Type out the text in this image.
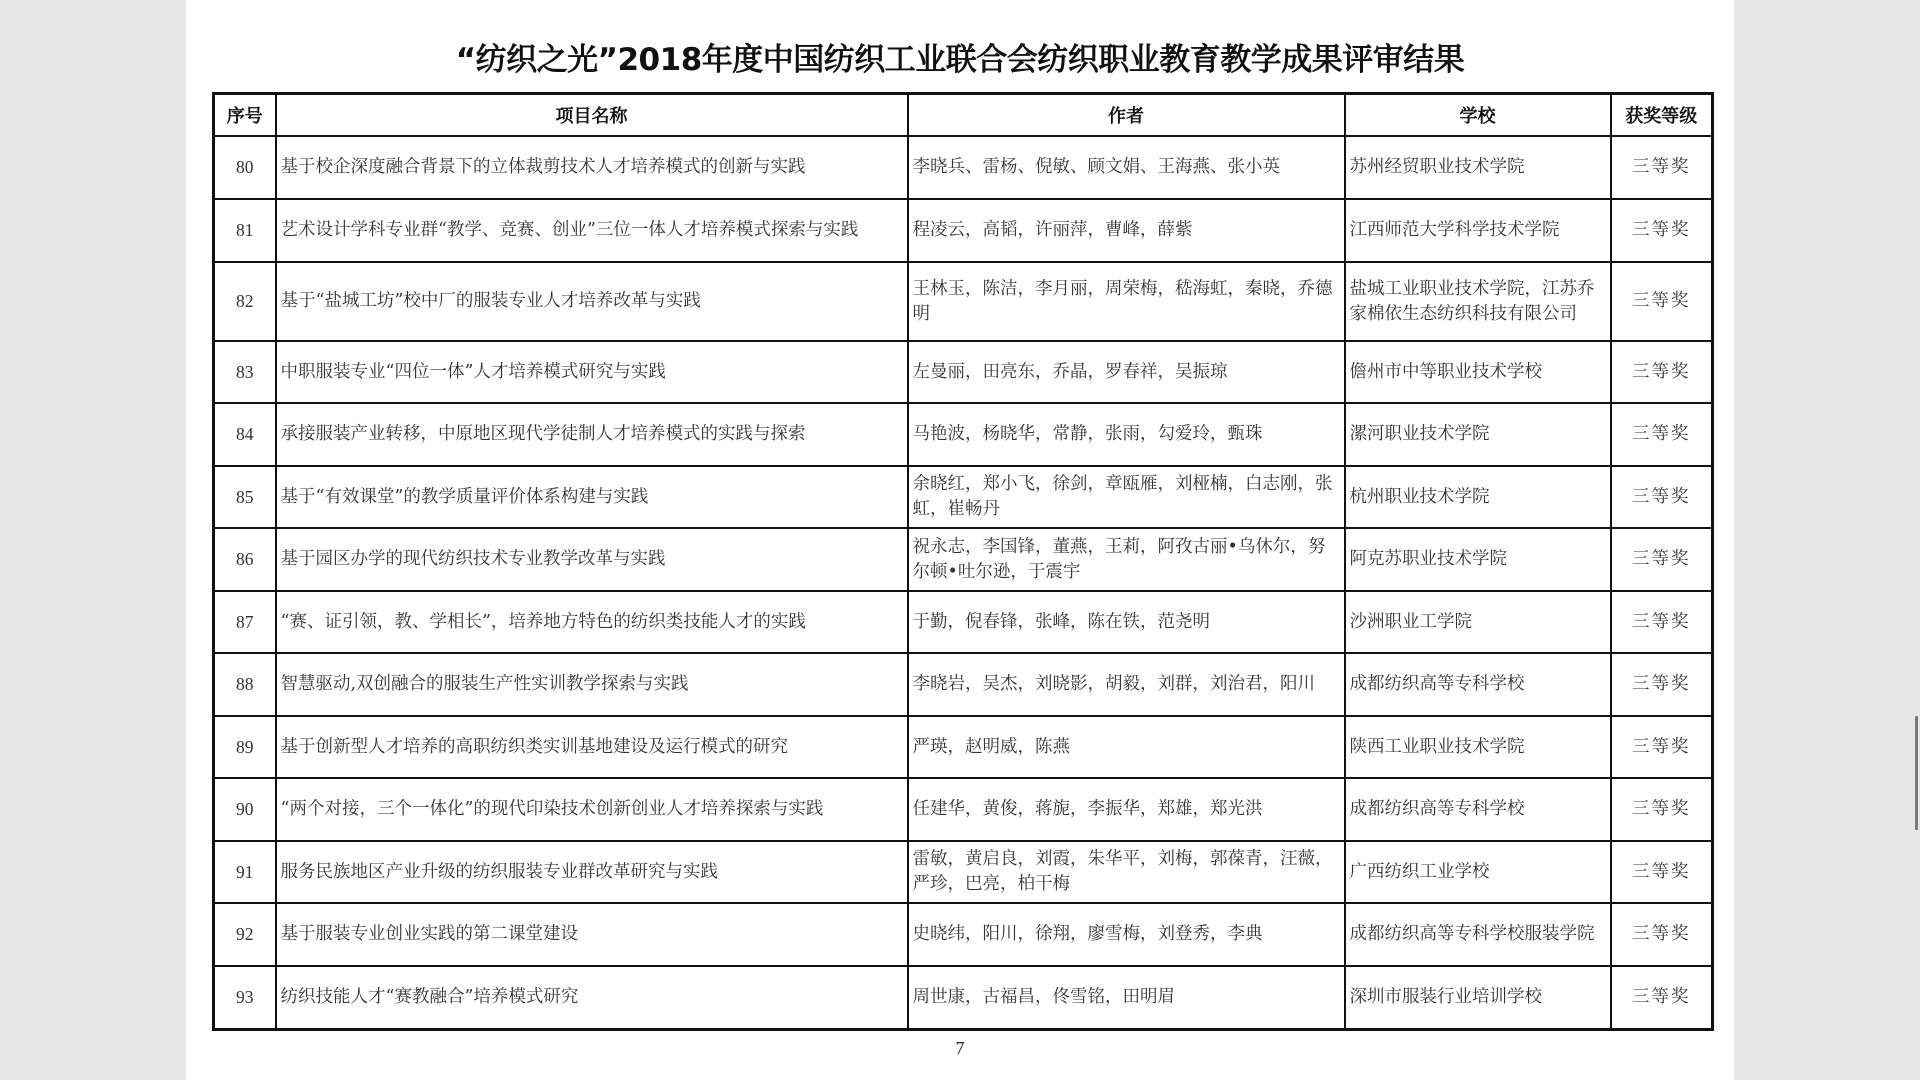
“纺织之光”2018年度中国纺织工业联合会纺织职业教育教学成果评审结果
序号	项目名称	作者	学校	获奖等级
80	基于校企深度融合背景下的立体裁剪技术人才培养模式的创新与实践	李晓兵、雷杨、倪敏、顾文娟、王海燕、张小英	苏州经贸职业技术学院	三等奖
81	艺术设计学科专业群“教学、竞赛、创业”三位一体人才培养模式探索与实践	程凌云，高韬，许丽萍，曹峰，薛紫	江西师范大学科学技术学院	三等奖
82	基于“盐城工坊”校中厂的服装专业人才培养改革与实践	王林玉，陈洁，李月丽，周荣梅，嵇海虹，秦晓，乔德明	盐城工业职业技术学院，江苏乔家棉依生态纺织科技有限公司	三等奖
83	中职服装专业“四位一体”人才培养模式研究与实践	左曼丽，田亮东，乔晶，罗春祥，吴振琼	儋州市中等职业技术学校	三等奖
84	承接服装产业转移，中原地区现代学徒制人才培养模式的实践与探索	马艳波，杨晓华，常静，张雨，勾爱玲，甄珠	漯河职业技术学院	三等奖
85	基于“有效课堂”的教学质量评价体系构建与实践	余晓红，郑小飞，徐剑，章瓯雁，刘桠楠，白志刚，张虹，崔畅丹	杭州职业技术学院	三等奖
86	基于园区办学的现代纺织技术专业教学改革与实践	祝永志，李国锋，董燕，王莉，阿孜古丽•乌休尔，努尔顿•吐尔逊，于震宇	阿克苏职业技术学院	三等奖
87	“赛、证引领，教、学相长”，培养地方特色的纺织类技能人才的实践	于勤，倪春锋，张峰，陈在铁，范尧明	沙洲职业工学院	三等奖
88	智慧驱动,双创融合的服装生产性实训教学探索与实践	李晓岩，吴杰，刘晓影，胡毅，刘群，刘治君，阳川	成都纺织高等专科学校	三等奖
89	基于创新型人才培养的高职纺织类实训基地建设及运行模式的研究	严瑛，赵明威，陈燕	陕西工业职业技术学院	三等奖
90	“两个对接，三个一体化”的现代印染技术创新创业人才培养探索与实践	任建华，黄俊，蒋旎，李振华，郑雄，郑光洪	成都纺织高等专科学校	三等奖
91	服务民族地区产业升级的纺织服装专业群改革研究与实践	雷敏，黄启良，刘霞，朱华平，刘梅，郭葆青，汪薇，严珍，巴亮，柏干梅	广西纺织工业学校	三等奖
92	基于服装专业创业实践的第二课堂建设	史晓纬，阳川，徐翔，廖雪梅，刘登秀，李典	成都纺织高等专科学校服装学院	三等奖
93	纺织技能人才“赛教融合”培养模式研究	周世康，古福昌，佟雪铭，田明眉	深圳市服装行业培训学校	三等奖
7
